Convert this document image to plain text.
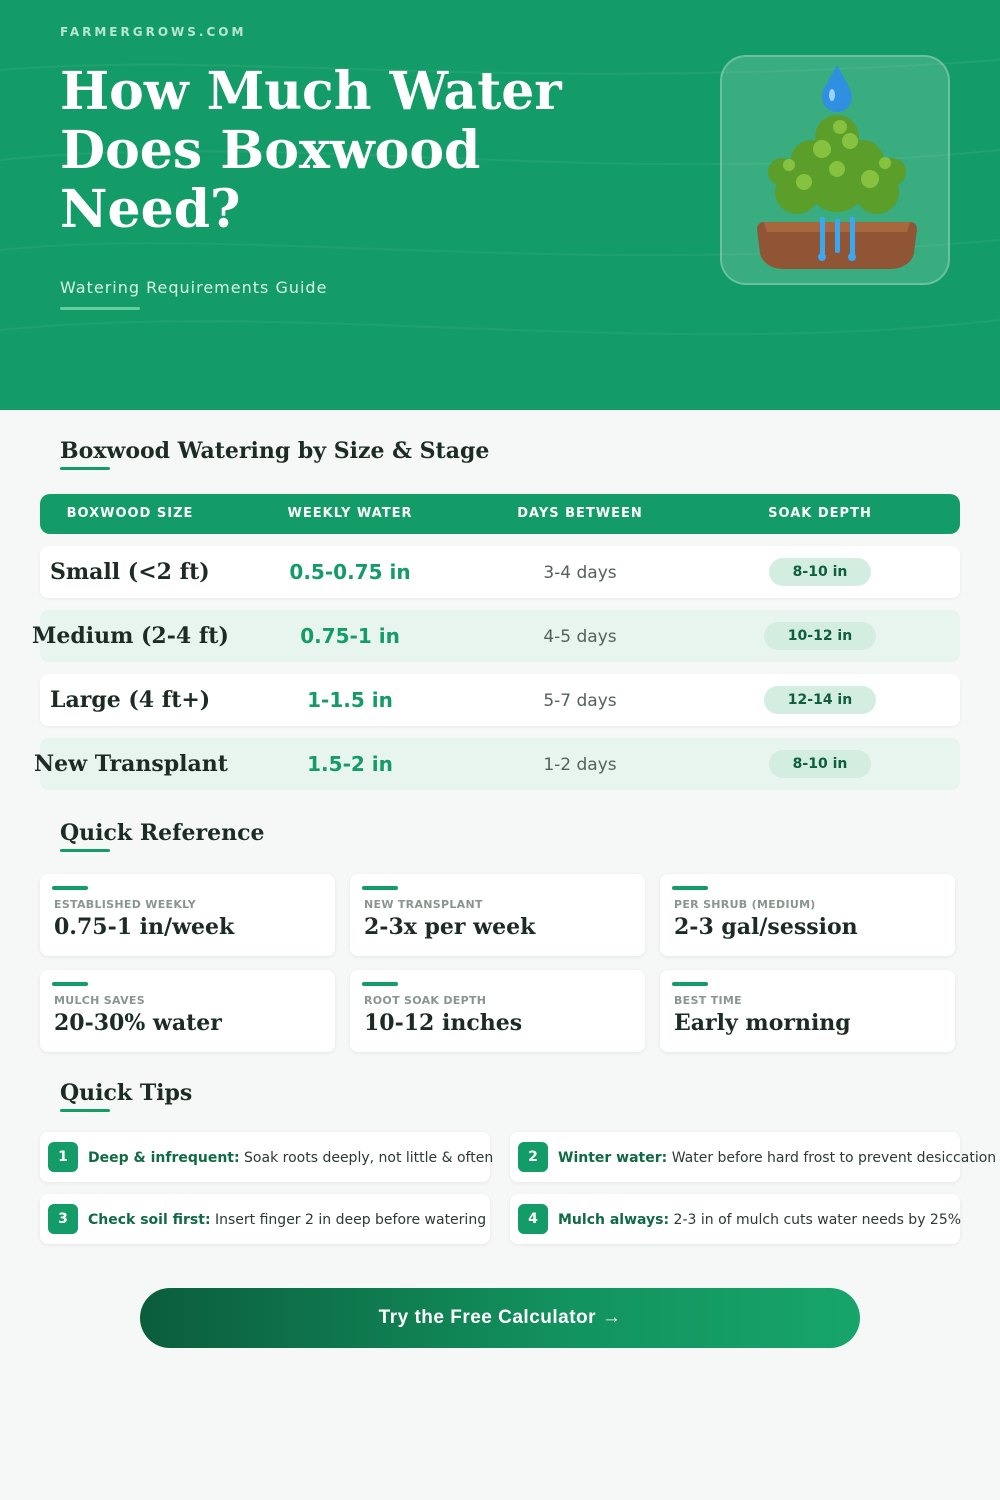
FARMERGROWS.COM
How Much Water Does Boxwood Need?
Watering Requirements Guide
Boxwood Watering by Size & Stage
BOXWOOD SIZE	WEEKLY WATER	DAYS BETWEEN	SOAK DEPTH
Small (<2 ft)	0.5-0.75 in	3-4 days	8-10 in
Medium (2-4 ft)	0.75-1 in	4-5 days	10-12 in
Large (4 ft+)	1-1.5 in	5-7 days	12-14 in
New Transplant	1.5-2 in	1-2 days	8-10 in
Quick Reference
ESTABLISHED WEEKLY
0.75-1 in/week
NEW TRANSPLANT
2-3x per week
PER SHRUB (MEDIUM)
2-3 gal/session
MULCH SAVES
20-30% water
ROOT SOAK DEPTH
10-12 inches
BEST TIME
Early morning
Quick Tips
1	Deep & infrequent: Soak roots deeply, not little & often	2	Winter water: Water before hard frost to prevent desiccation
3	Check soil first: Insert finger 2 in deep before watering	4	Mulch always: 2-3 in of mulch cuts water needs by 25%
Try the Free Calculator →
